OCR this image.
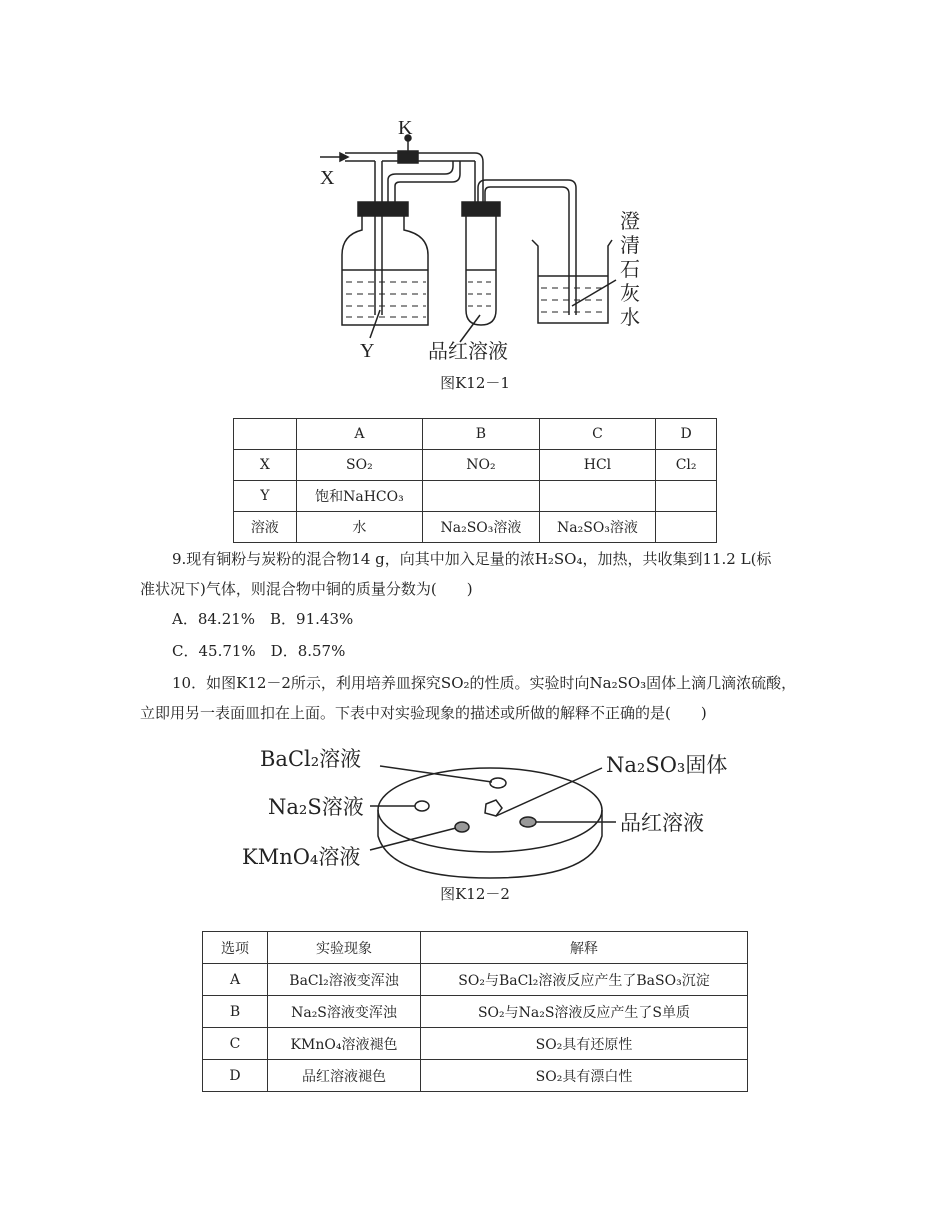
K
X
Y	品红溶液
澄
清
石
灰
水
图K12－1
	A	B	C	D
X	SO₂	NO₂	HCl	Cl₂
Y	饱和NaHCO₃			
溶液	水	Na₂SO₃溶液	Na₂SO₃溶液	
9.现有铜粉与炭粉的混合物14 g，向其中加入足量的浓H₂SO₄，加热，共收集到11.2 L(标
准状况下)气体，则混合物中铜的质量分数为(　　)
A．84.21%　B．91.43%
C．45.71%　D．8.57%
10．如图K12－2所示，利用培养皿探究SO₂的性质。实验时向Na₂SO₃固体上滴几滴浓硫酸，
立即用另一表面皿扣在上面。下表中对实验现象的描述或所做的解释不正确的是(　　)
BaCl₂溶液
Na₂S溶液
KMnO₄溶液
Na₂SO₃固体
品红溶液
图K12－2
选项	实验现象	解释
A	BaCl₂溶液变浑浊	SO₂与BaCl₂溶液反应产生了BaSO₃沉淀
B	Na₂S溶液变浑浊	SO₂与Na₂S溶液反应产生了S单质
C	KMnO₄溶液褪色	SO₂具有还原性
D	品红溶液褪色	SO₂具有漂白性
